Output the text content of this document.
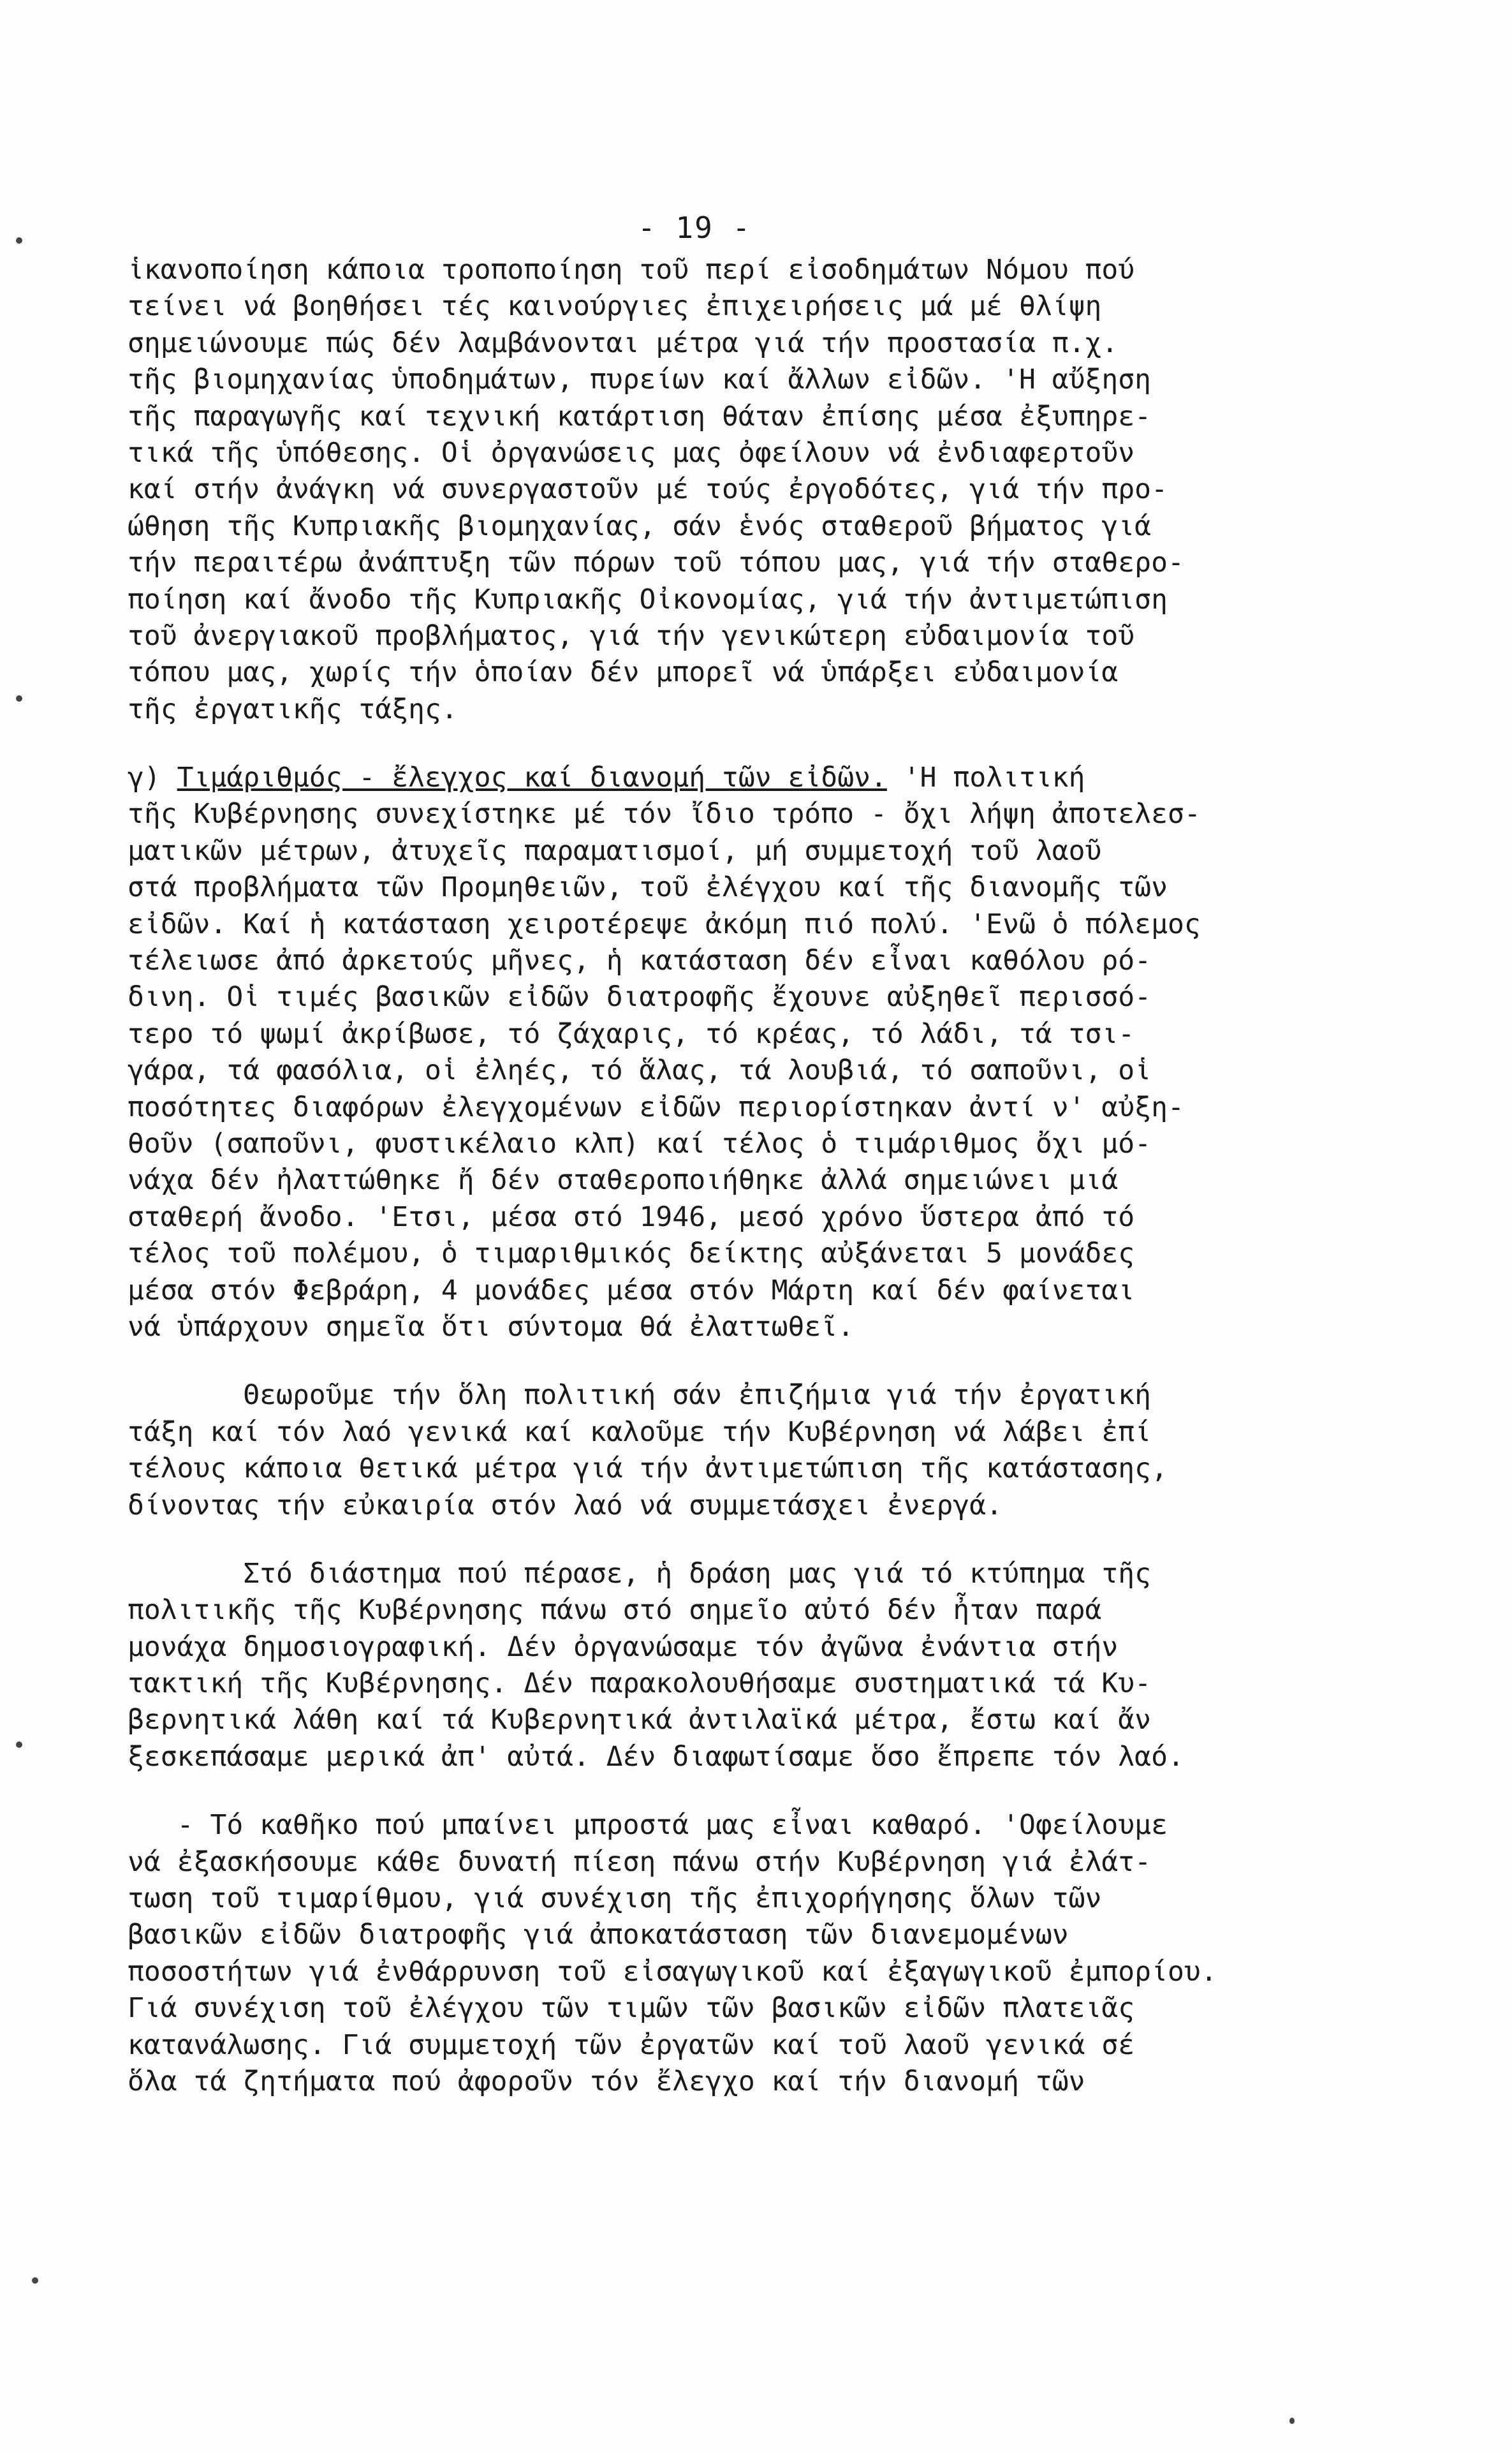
- 19 -
ἱκανοποίηση κάποια τροποποίηση τοῦ περί εἰσοδημάτων Νόμου πού
τείνει νά βοηθήσει τές καινούργιες ἐπιχειρήσεις μά μέ θλίψη
σημειώνουμε πώς δέν λαμβάνονται μέτρα γιά τήν προστασία π.χ.
τῆς βιομηχανίας ὑποδημάτων, πυρείων καί ἄλλων εἰδῶν. 'Η αὔξηση
τῆς παραγωγῆς καί τεχνική κατάρτιση θάταν ἐπίσης μέσα ἐξυπηρε-
τικά τῆς ὑπόθεσης. Οἱ ὀργανώσεις μας ὀφείλουν νά ἐνδιαφερτοῦν
καί στήν ἀνάγκη νά συνεργαστοῦν μέ τούς ἐργοδότες, γιά τήν προ-
ώθηση τῆς Κυπριακῆς βιομηχανίας, σάν ἑνός σταθεροῦ βήματος γιά
τήν περαιτέρω ἀνάπτυξη τῶν πόρων τοῦ τόπου μας, γιά τήν σταθερο-
ποίηση καί ἄνοδο τῆς Κυπριακῆς Οἰκονομίας, γιά τήν ἀντιμετώπιση
τοῦ ἀνεργιακοῦ προβλήματος, γιά τήν γενικώτερη εὐδαιμονία τοῦ
τόπου μας, χωρίς τήν ὁποίαν δέν μπορεῖ νά ὑπάρξει εὐδαιμονία
τῆς ἐργατικῆς τάξης.
γ) Τιμάριθμός - ἔλεγχος καί διανομή τῶν εἰδῶν. 'Η πολιτική
τῆς Κυβέρνησης συνεχίστηκε μέ τόν ἴδιο τρόπο - ὄχι λήψη ἀποτελεσ-
ματικῶν μέτρων, ἀτυχεῖς παραματισμοί, μή συμμετοχή τοῦ λαοῦ
στά προβλήματα τῶν Προμηθειῶν, τοῦ ἐλέγχου καί τῆς διανομῆς τῶν
εἰδῶν. Καί ἡ κατάσταση χειροτέρεψε ἀκόμη πιό πολύ. 'Ενῶ ὁ πόλεμος
τέλειωσε ἀπό ἀρκετούς μῆνες, ἡ κατάσταση δέν εἶναι καθόλου ρό-
δινη. Οἱ τιμές βασικῶν εἰδῶν διατροφῆς ἔχουνε αὐξηθεῖ περισσό-
τερο τό ψωμί ἀκρίβωσε, τό ζάχαρις, τό κρέας, τό λάδι, τά τσι-
γάρα, τά φασόλια, οἱ ἐληές, τό ἅλας, τά λουβιά, τό σαποῦνι, οἱ
ποσότητες διαφόρων ἐλεγχομένων εἰδῶν περιορίστηκαν ἀντί ν' αὐξη-
θοῦν (σαποῦνι, φυστικέλαιο κλπ) καί τέλος ὁ τιμάριθμος ὄχι μό-
νάχα δέν ἠλαττώθηκε ἤ δέν σταθεροποιήθηκε ἀλλά σημειώνει μιά
σταθερή ἄνοδο. 'Ετσι, μέσα στό 1946, μεσό χρόνο ὕστερα ἀπό τό
τέλος τοῦ πολέμου, ὁ τιμαριθμικός δείκτης αὐξάνεται 5 μονάδες
μέσα στόν Φεβράρη, 4 μονάδες μέσα στόν Μάρτη καί δέν φαίνεται
νά ὑπάρχουν σημεῖα ὅτι σύντομα θά ἐλαττωθεῖ.
Θεωροῦμε τήν ὅλη πολιτική σάν ἐπιζήμια γιά τήν ἐργατική
τάξη καί τόν λαό γενικά καί καλοῦμε τήν Κυβέρνηση νά λάβει ἐπί
τέλους κάποια θετικά μέτρα γιά τήν ἀντιμετώπιση τῆς κατάστασης,
δίνοντας τήν εὐκαιρία στόν λαό νά συμμετάσχει ἐνεργά.
Στό διάστημα πού πέρασε, ἡ δράση μας γιά τό κτύπημα τῆς
πολιτικῆς τῆς Κυβέρνησης πάνω στό σημεῖο αὐτό δέν ἦταν παρά
μονάχα δημοσιογραφική. Δέν ὀργανώσαμε τόν ἀγῶνα ἐνάντια στήν
τακτική τῆς Κυβέρνησης. Δέν παρακολουθήσαμε συστηματικά τά Κυ-
βερνητικά λάθη καί τά Κυβερνητικά ἀντιλαϊκά μέτρα, ἔστω καί ἄν
ξεσκεπάσαμε μερικά ἀπ' αὐτά. Δέν διαφωτίσαμε ὅσο ἔπρεπε τόν λαό.
- Τό καθῆκο πού μπαίνει μπροστά μας εἶναι καθαρό. 'Οφείλουμε
νά ἐξασκήσουμε κάθε δυνατή πίεση πάνω στήν Κυβέρνηση γιά ἐλάτ-
τωση τοῦ τιμαρίθμου, γιά συνέχιση τῆς ἐπιχορήγησης ὅλων τῶν
βασικῶν εἰδῶν διατροφῆς γιά ἀποκατάσταση τῶν διανεμομένων
ποσοστήτων γιά ἐνθάρρυνση τοῦ εἰσαγωγικοῦ καί ἐξαγωγικοῦ ἐμπορίου.
Γιά συνέχιση τοῦ ἐλέγχου τῶν τιμῶν τῶν βασικῶν εἰδῶν πλατειᾶς
κατανάλωσης. Γιά συμμετοχή τῶν ἐργατῶν καί τοῦ λαοῦ γενικά σέ
ὅλα τά ζητήματα πού ἀφοροῦν τόν ἔλεγχο καί τήν διανομή τῶν
